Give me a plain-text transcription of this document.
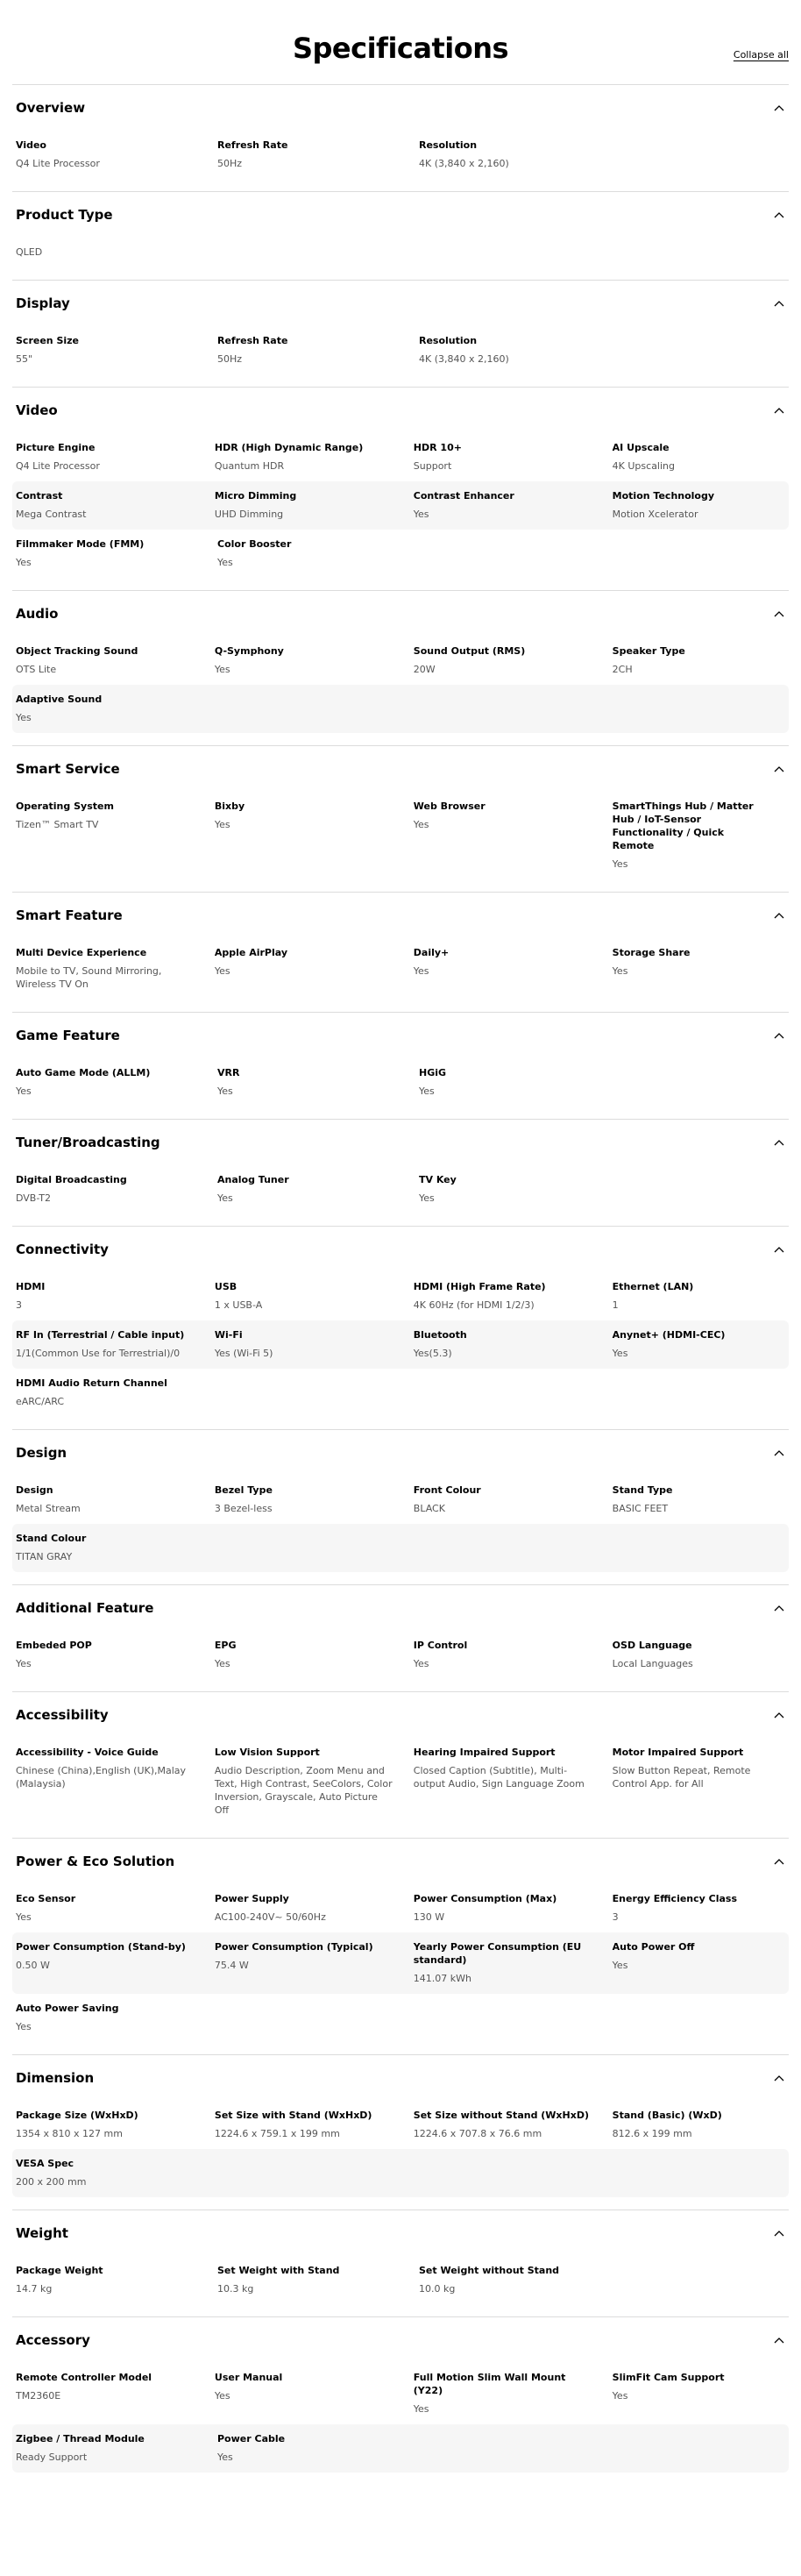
Specifications	Collapse all
Overview
Video
Q4 Lite Processor
Refresh Rate
50Hz
Resolution
4K (3,840 x 2,160)
Product Type
QLED
Display
Screen Size
55"
Refresh Rate
50Hz
Resolution
4K (3,840 x 2,160)
Video
Picture Engine
Q4 Lite Processor
HDR (High Dynamic Range)
Quantum HDR
HDR 10+
Support
AI Upscale
4K Upscaling
Contrast
Mega Contrast
Micro Dimming
UHD Dimming
Contrast Enhancer
Yes
Motion Technology
Motion Xcelerator
Filmmaker Mode (FMM)
Yes
Color Booster
Yes
Audio
Object Tracking Sound
OTS Lite
Q-Symphony
Yes
Sound Output (RMS)
20W
Speaker Type
2CH
Adaptive Sound
Yes
Smart Service
Operating System
Tizen™ Smart TV
Bixby
Yes
Web Browser
Yes
SmartThings Hub / Matter Hub / IoT-Sensor Functionality / Quick Remote
Yes
Smart Feature
Multi Device Experience
Mobile to TV, Sound Mirroring, Wireless TV On
Apple AirPlay
Yes
Daily+
Yes
Storage Share
Yes
Game Feature
Auto Game Mode (ALLM)
Yes
VRR
Yes
HGiG
Yes
Tuner/Broadcasting
Digital Broadcasting
DVB-T2
Analog Tuner
Yes
TV Key
Yes
Connectivity
HDMI
3
USB
1 x USB-A
HDMI (High Frame Rate)
4K 60Hz (for HDMI 1/2/3)
Ethernet (LAN)
1
RF In (Terrestrial / Cable input)
1/1(Common Use for Terrestrial)/0
Wi-Fi
Yes (Wi-Fi 5)
Bluetooth
Yes(5.3)
Anynet+ (HDMI-CEC)
Yes
HDMI Audio Return Channel
eARC/ARC
Design
Design
Metal Stream
Bezel Type
3 Bezel-less
Front Colour
BLACK
Stand Type
BASIC FEET
Stand Colour
TITAN GRAY
Additional Feature
Embeded POP
Yes
EPG
Yes
IP Control
Yes
OSD Language
Local Languages
Accessibility
Accessibility - Voice Guide
Chinese (China),English (UK),Malay (Malaysia)
Low Vision Support
Audio Description, Zoom Menu and Text, High Contrast, SeeColors, Color Inversion, Grayscale, Auto Picture Off
Hearing Impaired Support
Closed Caption (Subtitle), Multi-output Audio, Sign Language Zoom
Motor Impaired Support
Slow Button Repeat, Remote Control App. for All
Power & Eco Solution
Eco Sensor
Yes
Power Supply
AC100-240V~ 50/60Hz
Power Consumption (Max)
130 W
Energy Efficiency Class
3
Power Consumption (Stand-by)
0.50 W
Power Consumption (Typical)
75.4 W
Yearly Power Consumption (EU standard)
141.07 kWh
Auto Power Off
Yes
Auto Power Saving
Yes
Dimension
Package Size (WxHxD)
1354 x 810 x 127 mm
Set Size with Stand (WxHxD)
1224.6 x 759.1 x 199 mm
Set Size without Stand (WxHxD)
1224.6 x 707.8 x 76.6 mm
Stand (Basic) (WxD)
812.6 x 199 mm
VESA Spec
200 x 200 mm
Weight
Package Weight
14.7 kg
Set Weight with Stand
10.3 kg
Set Weight without Stand
10.0 kg
Accessory
Remote Controller Model
TM2360E
User Manual
Yes
Full Motion Slim Wall Mount (Y22)
Yes
SlimFit Cam Support
Yes
Zigbee / Thread Module
Ready Support
Power Cable
Yes
